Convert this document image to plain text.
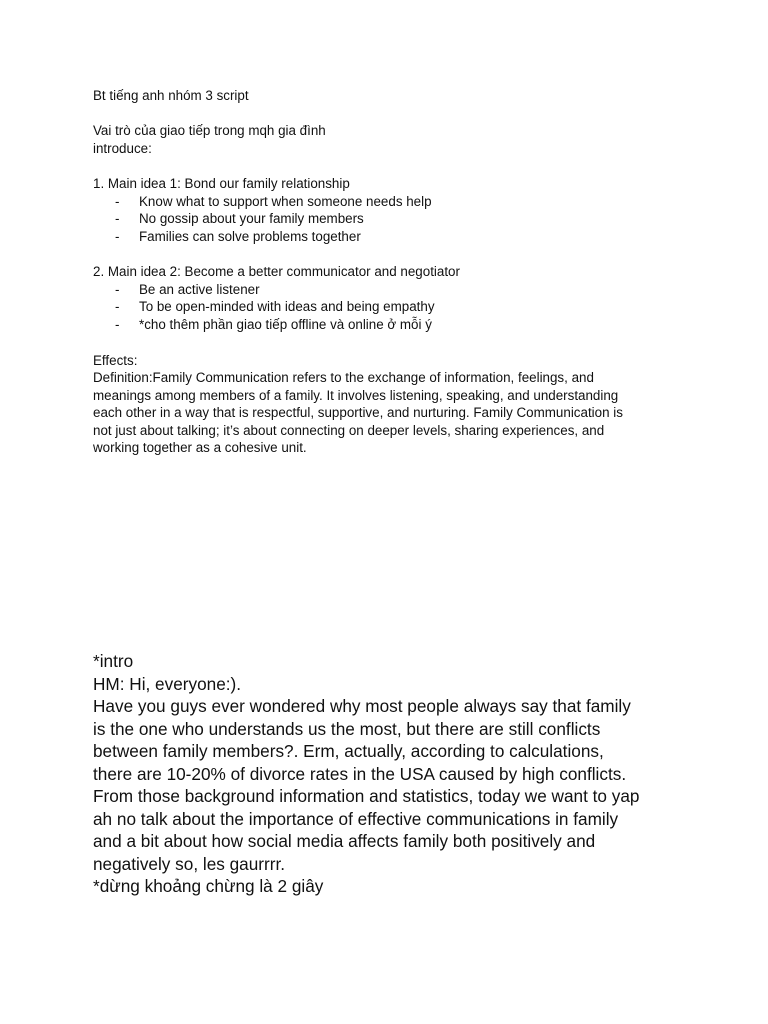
Bt tiếng anh nhóm 3 script
Vai trò của giao tiếp trong mqh gia đình
introduce:
1. Main idea 1: Bond our family relationship
- Know what to support when someone needs help
- No gossip about your family members
- Families can solve problems together
2. Main idea 2: Become a better communicator and negotiator
- Be an active listener
- To be open-minded with ideas and being empathy
- *cho thêm phần giao tiếp offline và online ở mỗi ý
Effects:
Definition:Family Communication refers to the exchange of information, feelings, and
meanings among members of a family. It involves listening, speaking, and understanding
each other in a way that is respectful, supportive, and nurturing. Family Communication is
not just about talking; it’s about connecting on deeper levels, sharing experiences, and
working together as a cohesive unit.
*intro
HM: Hi, everyone:).
Have you guys ever wondered why most people always say that family
is the one who understands us the most, but there are still conflicts
between family members?. Erm, actually, according to calculations,
there are 10-20% of divorce rates in the USA caused by high conflicts.
From those background information and statistics, today we want to yap
ah no talk about the importance of effective communications in family
and a bit about how social media affects family both positively and
negatively so, les gaurrrr.
*dừng khoảng chừng là 2 giây
